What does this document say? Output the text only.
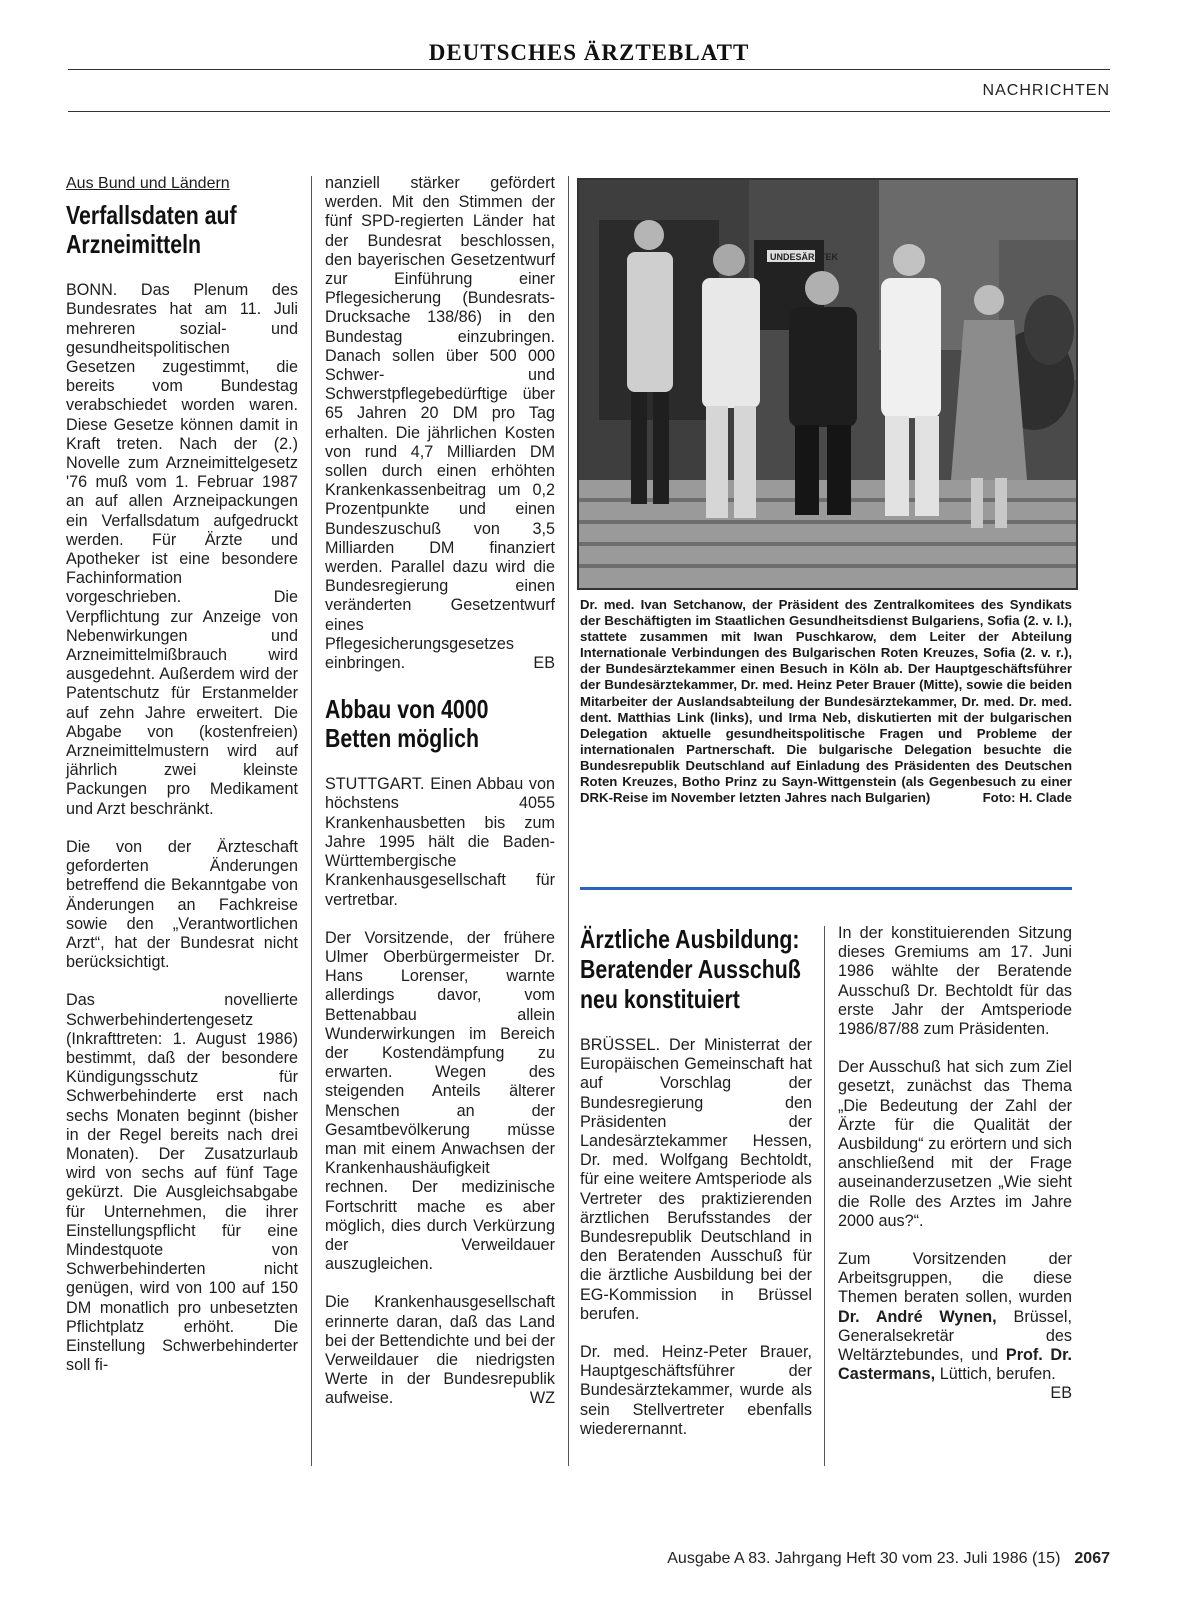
DEUTSCHES ÄRZTEBLATT
NACHRICHTEN
Aus Bund und Ländern
Verfallsdaten auf Arzneimitteln

BONN. Das Plenum des Bundesrates hat am 11. Juli mehreren sozial- und gesundheitspolitischen Gesetzen zugestimmt, die bereits vom Bundestag verabschiedet worden waren. Diese Gesetze können damit in Kraft treten. Nach der (2.) Novelle zum Arzneimittelgesetz '76 muß vom 1. Februar 1987 an auf allen Arzneipackungen ein Verfallsdatum aufgedruckt werden. Für Ärzte und Apotheker ist eine besondere Fachinformation vorgeschrieben. Die Verpflichtung zur Anzeige von Nebenwirkungen und Arzneimittelmißbrauch wird ausgedehnt. Außerdem wird der Patentschutz für Erstanmelder auf zehn Jahre erweitert. Die Abgabe von (kostenfreien) Arzneimittelmustern wird auf jährlich zwei kleinste Packungen pro Medikament und Arzt beschränkt.

Die von der Ärzteschaft geforderten Änderungen betreffend die Bekanntgabe von Änderungen an Fachkreise sowie den „Verantwortlichen Arzt“, hat der Bundesrat nicht berücksichtigt.

Das novellierte Schwerbehindertengesetz (Inkrafttreten: 1. August 1986) bestimmt, daß der besondere Kündigungsschutz für Schwerbehinderte erst nach sechs Monaten beginnt (bisher in der Regel bereits nach drei Monaten). Der Zusatzurlaub wird von sechs auf fünf Tage gekürzt. Die Ausgleichsabgabe für Unternehmen, die ihrer Einstellungspflicht für eine Mindestquote von Schwerbehinderten nicht genügen, wird von 100 auf 150 DM monatlich pro unbesetzten Pflichtplatz erhöht. Die Einstellung Schwerbehinderter soll fi-

nanziell stärker gefördert werden. Mit den Stimmen der fünf SPD-regierten Länder hat der Bundesrat beschlossen, den bayerischen Gesetzentwurf zur Einführung einer Pflegesicherung (Bundesrats-Drucksache 138/86) in den Bundestag einzubringen. Danach sollen über 500 000 Schwer- und Schwerstpflegebedürftige über 65 Jahren 20 DM pro Tag erhalten. Die jährlichen Kosten von rund 4,7 Milliarden DM sollen durch einen erhöhten Krankenkassenbeitrag um 0,2 Prozentpunkte und einen Bundeszuschuß von 3,5 Milliarden DM finanziert werden. Parallel dazu wird die Bundesregierung einen veränderten Gesetzentwurf eines Pflegesicherungsgesetzes einbringen.	EB

Abbau von 4000 Betten möglich

STUTTGART. Einen Abbau von höchstens 4055 Krankenhausbetten bis zum Jahre 1995 hält die Baden-Württembergische Krankenhausgesellschaft für vertretbar.

Der Vorsitzende, der frühere Ulmer Oberbürgermeister Dr. Hans Lorenser, warnte allerdings davor, vom Bettenabbau allein Wunderwirkungen im Bereich der Kostendämpfung zu erwarten. Wegen des steigenden Anteils älterer Menschen an der Gesamtbevölkerung müsse man mit einem Anwachsen der Krankenhaushäufigkeit rechnen. Der medizinische Fortschritt mache es aber möglich, dies durch Verkürzung der Verweildauer auszugleichen.

Die Krankenhausgesellschaft erinnerte daran, daß das Land bei der Bettendichte und bei der Verweildauer die niedrigsten Werte in der Bundesrepublik aufweise.	WZ

UNDESÄRZTEK
Dr. med. Ivan Setchanow, der Präsident des Zentralkomitees des Syndikats der Beschäftigten im Staatlichen Gesundheitsdienst Bulgariens, Sofia (2. v. l.), stattete zusammen mit Iwan Puschkarow, dem Leiter der Abteilung Internationale Verbindungen des Bulgarischen Roten Kreuzes, Sofia (2. v. r.), der Bundesärztekammer einen Besuch in Köln ab. Der Hauptgeschäftsführer der Bundesärztekammer, Dr. med. Heinz Peter Brauer (Mitte), sowie die beiden Mitarbeiter der Auslandsabteilung der Bundesärztekammer, Dr. med. Dr. med. dent. Matthias Link (links), und Irma Neb, diskutierten mit der bulgarischen Delegation aktuelle gesundheitspolitische Fragen und Probleme der internationalen Partnerschaft. Die bulgarische Delegation besuchte die Bundesrepublik Deutschland auf Einladung des Präsidenten des Deutschen Roten Kreuzes, Botho Prinz zu Sayn-Wittgenstein (als Gegenbesuch zu einer DRK-Reise im November letzten Jahres nach Bulgarien)	Foto: H. Clade
Ärztliche Ausbildung: Beratender Ausschuß neu konstituiert

BRÜSSEL. Der Ministerrat der Europäischen Gemeinschaft hat auf Vorschlag der Bundesregierung den Präsidenten der Landesärztekammer Hessen, Dr. med. Wolfgang Bechtoldt, für eine weitere Amtsperiode als Vertreter des praktizierenden ärztlichen Berufsstandes der Bundesrepublik Deutschland in den Beratenden Ausschuß für die ärztliche Ausbildung bei der EG-Kommission in Brüssel berufen.

Dr. med. Heinz-Peter Brauer, Hauptgeschäftsführer der Bundesärztekammer, wurde als sein Stellvertreter ebenfalls wiederernannt.

In der konstituierenden Sitzung dieses Gremiums am 17. Juni 1986 wählte der Beratende Ausschuß Dr. Bechtoldt für das erste Jahr der Amtsperiode 1986/87/88 zum Präsidenten.

Der Ausschuß hat sich zum Ziel gesetzt, zunächst das Thema „Die Bedeutung der Zahl der Ärzte für die Qualität der Ausbildung“ zu erörtern und sich anschließend mit der Frage auseinanderzusetzen „Wie sieht die Rolle des Arztes im Jahre 2000 aus?“.

Zum Vorsitzenden der Arbeitsgruppen, die diese Themen beraten sollen, wurden Dr. André Wynen, Brüssel, Generalsekretär des Weltärztebundes, und Prof. Dr. Castermans, Lüttich, berufen.
EB

Ausgabe A 83. Jahrgang Heft 30 vom 23. Juli 1986 (15) 2067
